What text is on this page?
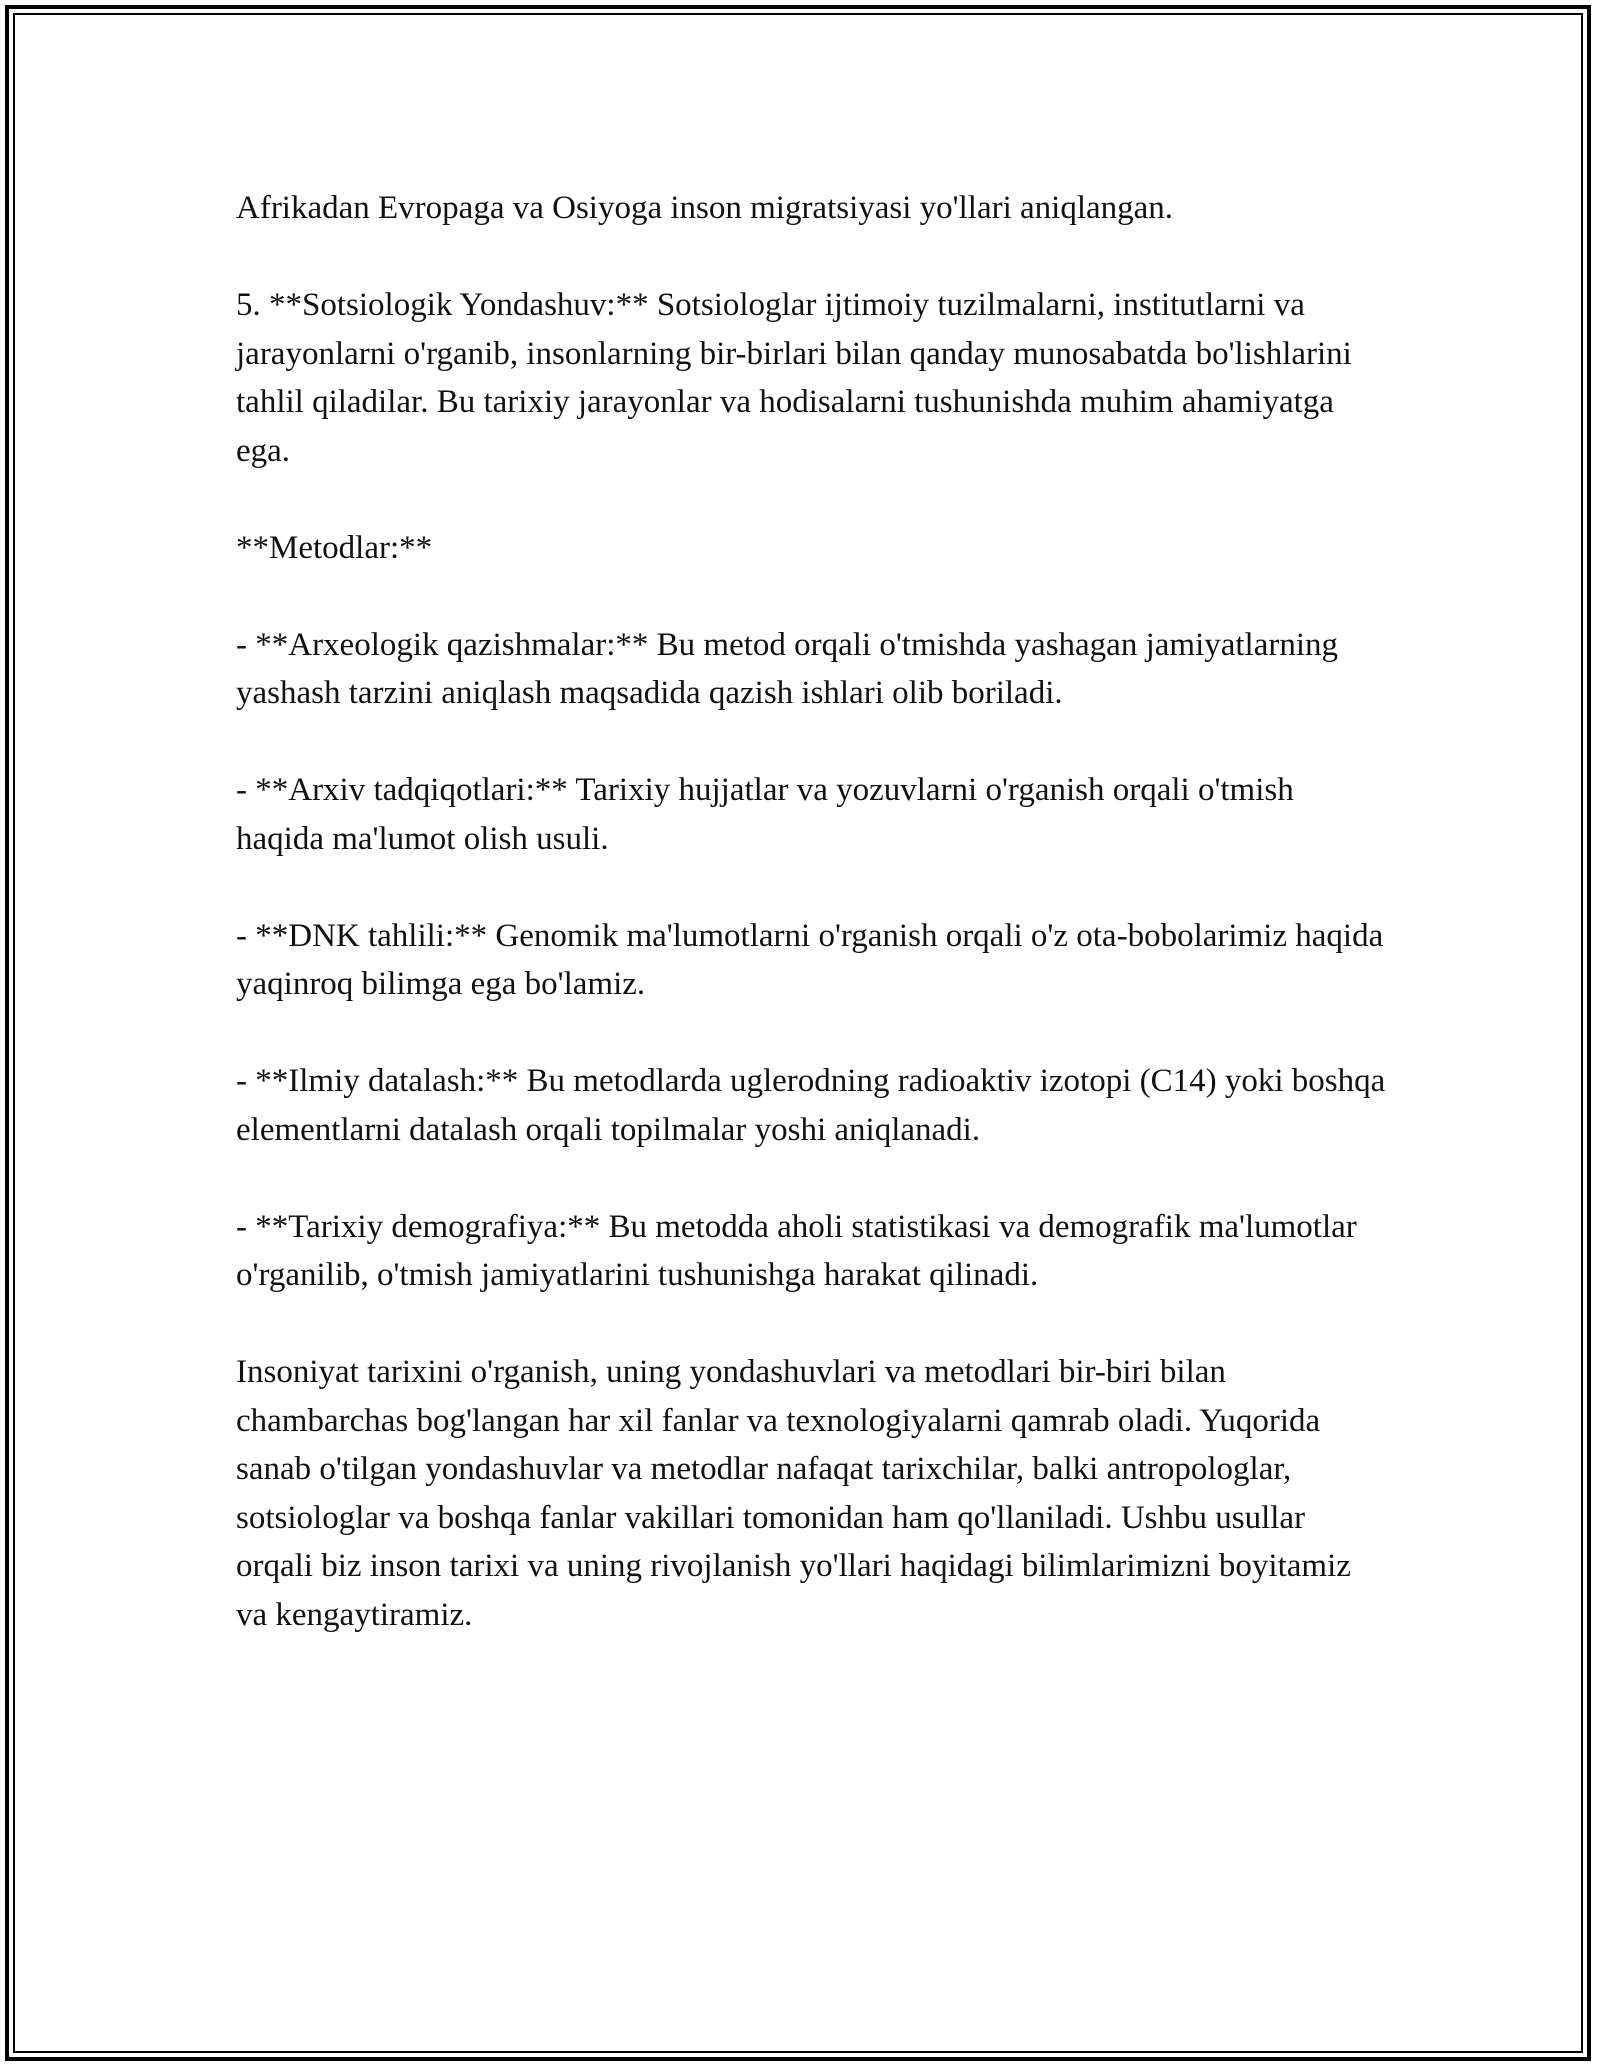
Afrikadan Evropaga va Osiyoga inson migratsiyasi yo'llari aniqlangan.

5. **Sotsiologik Yondashuv:** Sotsiologlar ijtimoiy tuzilmalarni, institutlarni va jarayonlarni o'rganib, insonlarning bir-birlari bilan qanday munosabatda bo'lishlarini tahlil qiladilar. Bu tarixiy jarayonlar va hodisalarni tushunishda muhim ahamiyatga ega.

**Metodlar:**

- **Arxeologik qazishmalar:** Bu metod orqali o'tmishda yashagan jamiyatlarning yashash tarzini aniqlash maqsadida qazish ishlari olib boriladi.

- **Arxiv tadqiqotlari:** Tarixiy hujjatlar va yozuvlarni o'rganish orqali o'tmish haqida ma'lumot olish usuli.

- **DNK tahlili:** Genomik ma'lumotlarni o'rganish orqali o'z ota-bobolarimiz haqida yaqinroq bilimga ega bo'lamiz.

- **Ilmiy datalash:** Bu metodlarda uglerodning radioaktiv izotopi (C14) yoki boshqa elementlarni datalash orqali topilmalar yoshi aniqlanadi.

- **Tarixiy demografiya:** Bu metodda aholi statistikasi va demografik ma'lumotlar o'rganilib, o'tmish jamiyatlarini tushunishga harakat qilinadi.

Insoniyat tarixini o'rganish, uning yondashuvlari va metodlari bir-biri bilan chambarchas bog'langan har xil fanlar va texnologiyalarni qamrab oladi. Yuqorida sanab o'tilgan yondashuvlar va metodlar nafaqat tarixchilar, balki antropologlar, sotsiologlar va boshqa fanlar vakillari tomonidan ham qo'llaniladi. Ushbu usullar orqali biz inson tarixi va uning rivojlanish yo'llari haqidagi bilimlarimizni boyitamiz va kengaytiramiz.
